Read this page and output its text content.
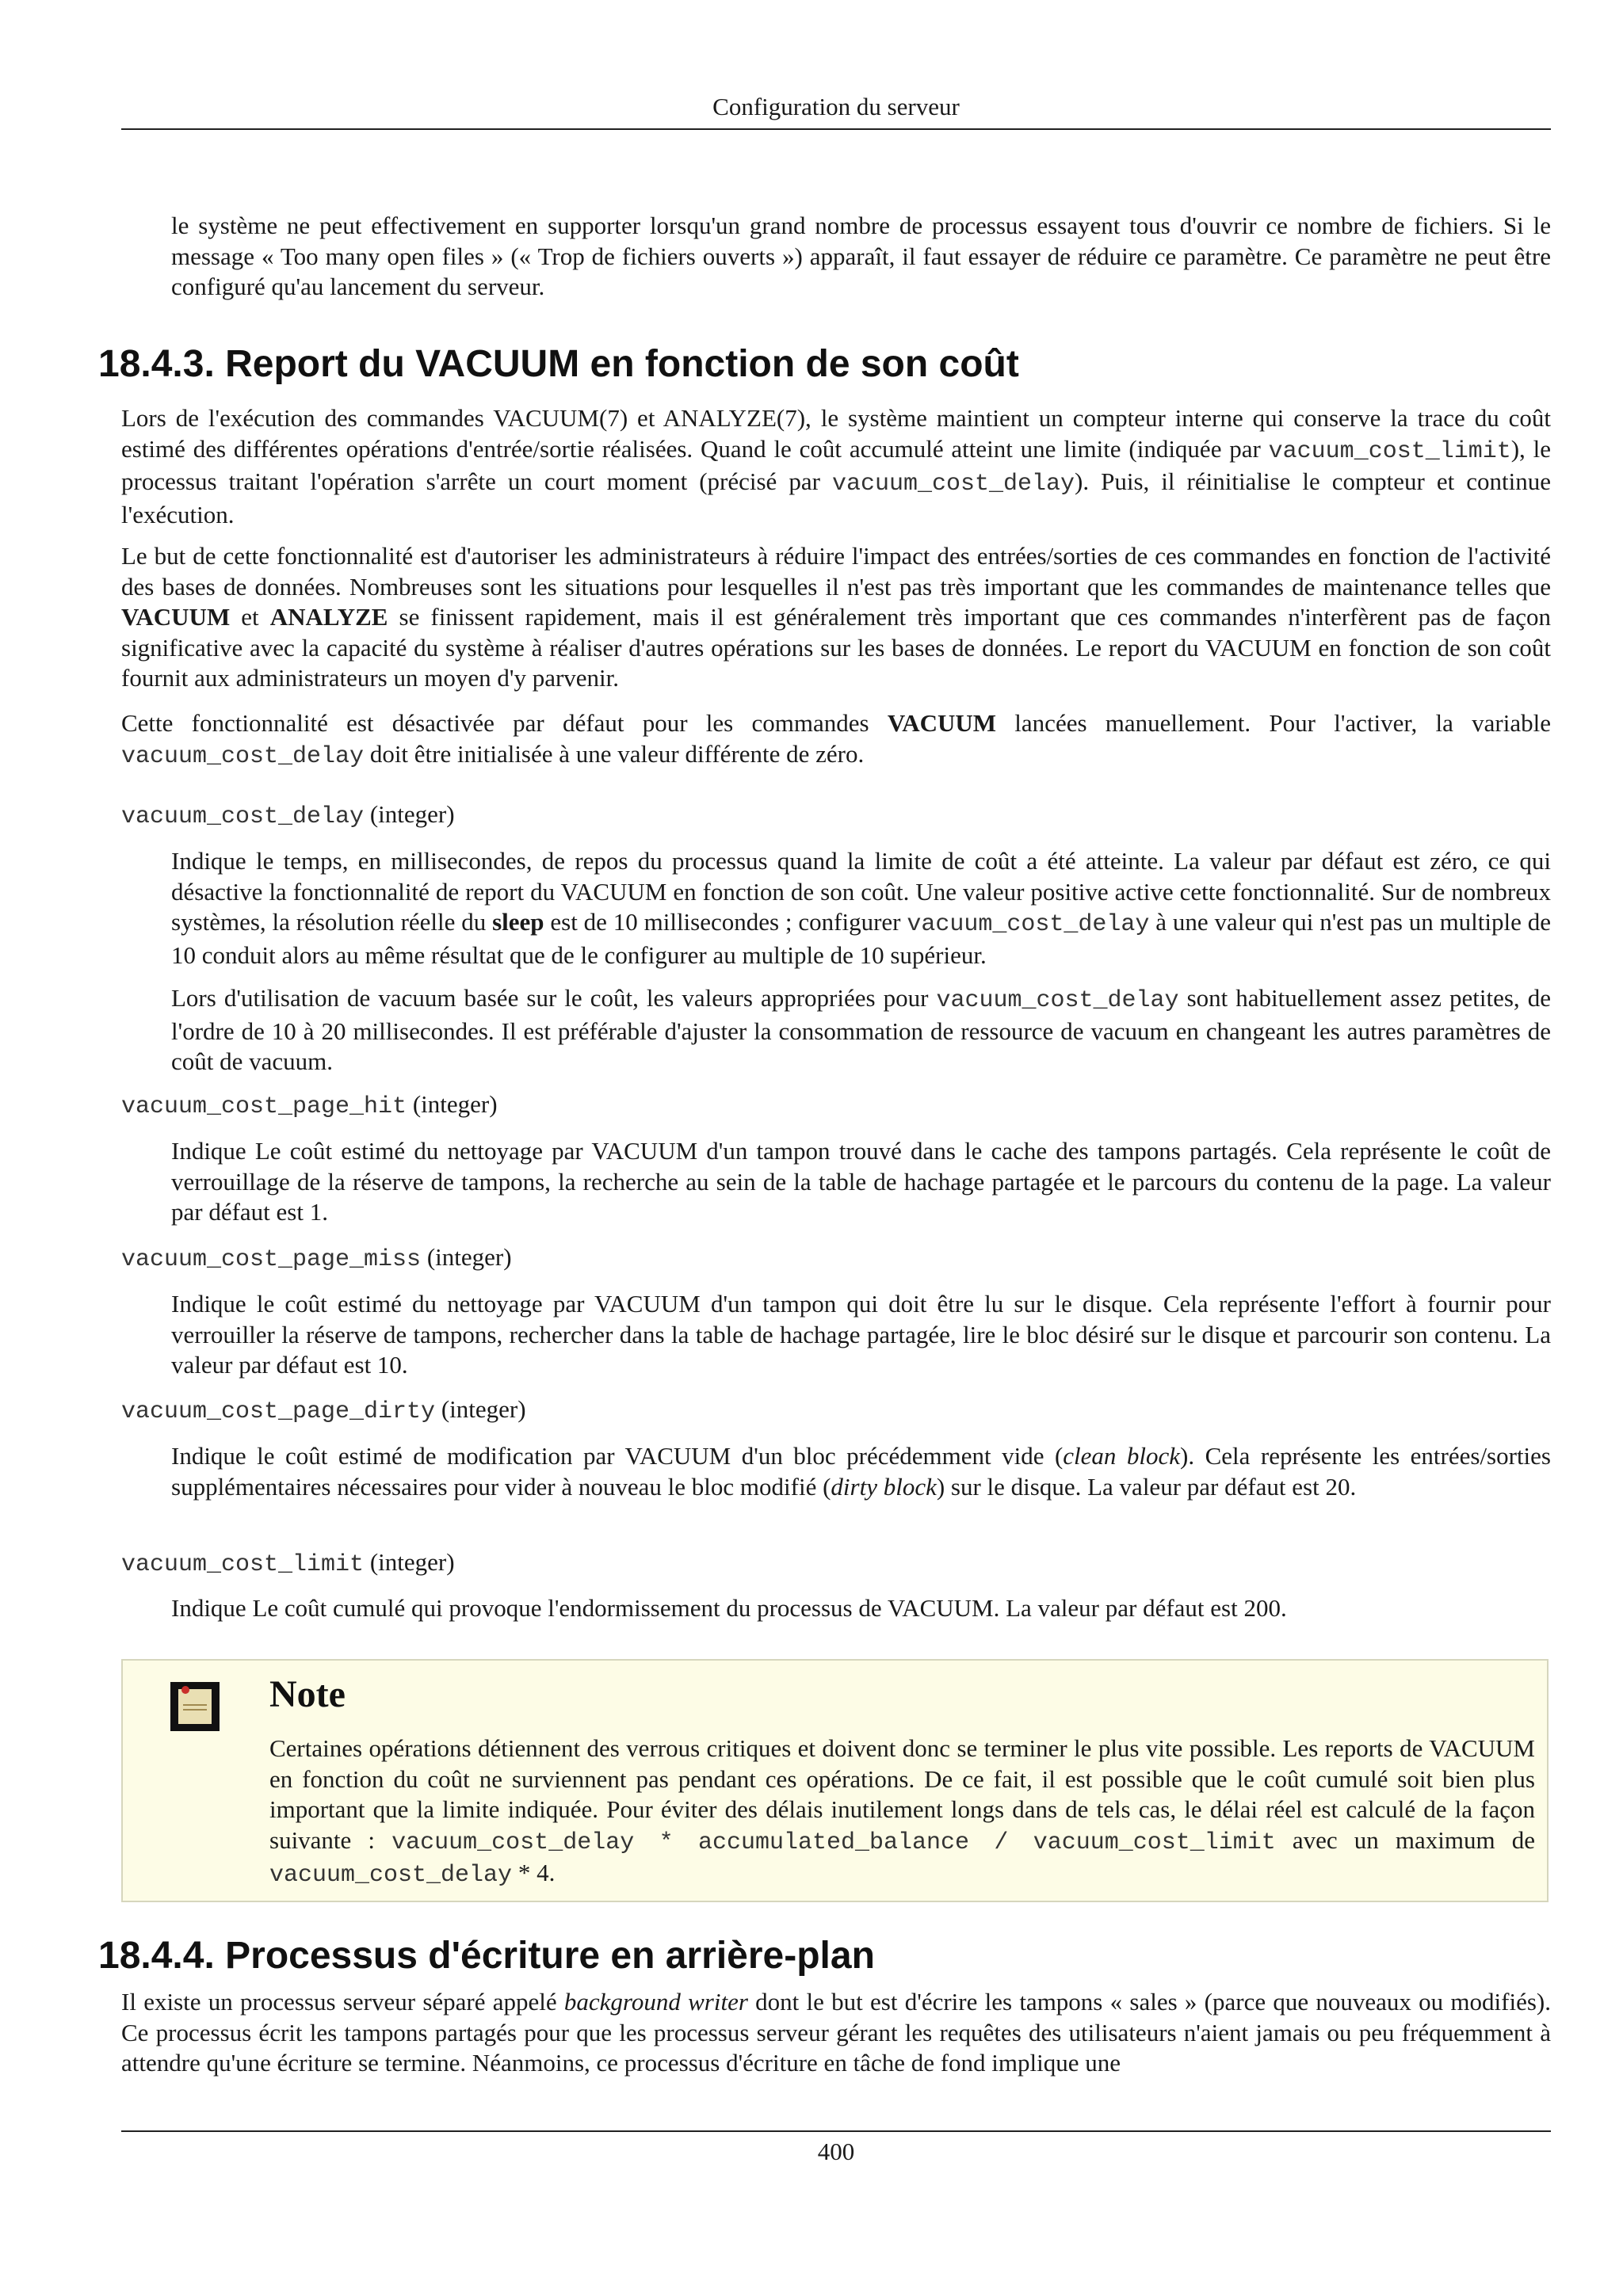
Configuration du serveur

le système ne peut effectivement en supporter lorsqu'un grand nombre de processus essayent tous d'ouvrir ce nombre de fichiers. Si le message « Too many open files » (« Trop de fichiers ouverts ») apparaît, il faut essayer de réduire ce paramètre. Ce paramètre ne peut être configuré qu'au lancement du serveur.

18.4.3. Report du VACUUM en fonction de son coût

Lors de l'exécution des commandes VACUUM(7) et ANALYZE(7), le système maintient un compteur interne qui conserve la trace du coût estimé des différentes opérations d'entrée/sortie réalisées. Quand le coût accumulé atteint une limite (indiquée par vacuum_cost_limit), le processus traitant l'opération s'arrête un court moment (précisé par vacuum_cost_delay). Puis, il réinitialise le compteur et continue l'exécution.

Le but de cette fonctionnalité est d'autoriser les administrateurs à réduire l'impact des entrées/sorties de ces commandes en fonction de l'activité des bases de données. Nombreuses sont les situations pour lesquelles il n'est pas très important que les commandes de maintenance telles que VACUUM et ANALYZE se finissent rapidement, mais il est généralement très important que ces commandes n'interfèrent pas de façon significative avec la capacité du système à réaliser d'autres opérations sur les bases de données. Le report du VACUUM en fonction de son coût fournit aux administrateurs un moyen d'y parvenir.

Cette fonctionnalité est désactivée par défaut pour les commandes VACUUM lancées manuellement. Pour l'activer, la variable vacuum_cost_delay doit être initialisée à une valeur différente de zéro.

vacuum_cost_delay (integer)

Indique le temps, en millisecondes, de repos du processus quand la limite de coût a été atteinte. La valeur par défaut est zéro, ce qui désactive la fonctionnalité de report du VACUUM en fonction de son coût. Une valeur positive active cette fonctionnalité. Sur de nombreux systèmes, la résolution réelle du sleep est de 10 millisecondes ; configurer vacuum_cost_delay à une valeur qui n'est pas un multiple de 10 conduit alors au même résultat que de le configurer au multiple de 10 supérieur.

Lors d'utilisation de vacuum basée sur le coût, les valeurs appropriées pour vacuum_cost_delay sont habituellement assez petites, de l'ordre de 10 à 20 millisecondes. Il est préférable d'ajuster la consommation de ressource de vacuum en changeant les autres paramètres de coût de vacuum.

vacuum_cost_page_hit (integer)

Indique Le coût estimé du nettoyage par VACUUM d'un tampon trouvé dans le cache des tampons partagés. Cela représente le coût de verrouillage de la réserve de tampons, la recherche au sein de la table de hachage partagée et le parcours du contenu de la page. La valeur par défaut est 1.

vacuum_cost_page_miss (integer)

Indique le coût estimé du nettoyage par VACUUM d'un tampon qui doit être lu sur le disque. Cela représente l'effort à fournir pour verrouiller la réserve de tampons, rechercher dans la table de hachage partagée, lire le bloc désiré sur le disque et parcourir son contenu. La valeur par défaut est 10.

vacuum_cost_page_dirty (integer)

Indique le coût estimé de modification par VACUUM d'un bloc précédemment vide (clean block). Cela représente les entrées/sorties supplémentaires nécessaires pour vider à nouveau le bloc modifié (dirty block) sur le disque. La valeur par défaut est 20.

vacuum_cost_limit (integer)

Indique Le coût cumulé qui provoque l'endormissement du processus de VACUUM. La valeur par défaut est 200.

Note

Certaines opérations détiennent des verrous critiques et doivent donc se terminer le plus vite possible. Les reports de VACUUM en fonction du coût ne surviennent pas pendant ces opérations. De ce fait, il est possible que le coût cumulé soit bien plus important que la limite indiquée. Pour éviter des délais inutilement longs dans de tels cas, le délai réel est calculé de la façon suivante : vacuum_cost_delay * accumulated_balance / vacuum_cost_limit avec un maximum de vacuum_cost_delay * 4.

18.4.4. Processus d'écriture en arrière-plan

Il existe un processus serveur séparé appelé background writer dont le but est d'écrire les tampons « sales » (parce que nouveaux ou modifiés). Ce processus écrit les tampons partagés pour que les processus serveur gérant les requêtes des utilisateurs n'aient jamais ou peu fréquemment à attendre qu'une écriture se termine. Néanmoins, ce processus d'écriture en tâche de fond implique une

400
